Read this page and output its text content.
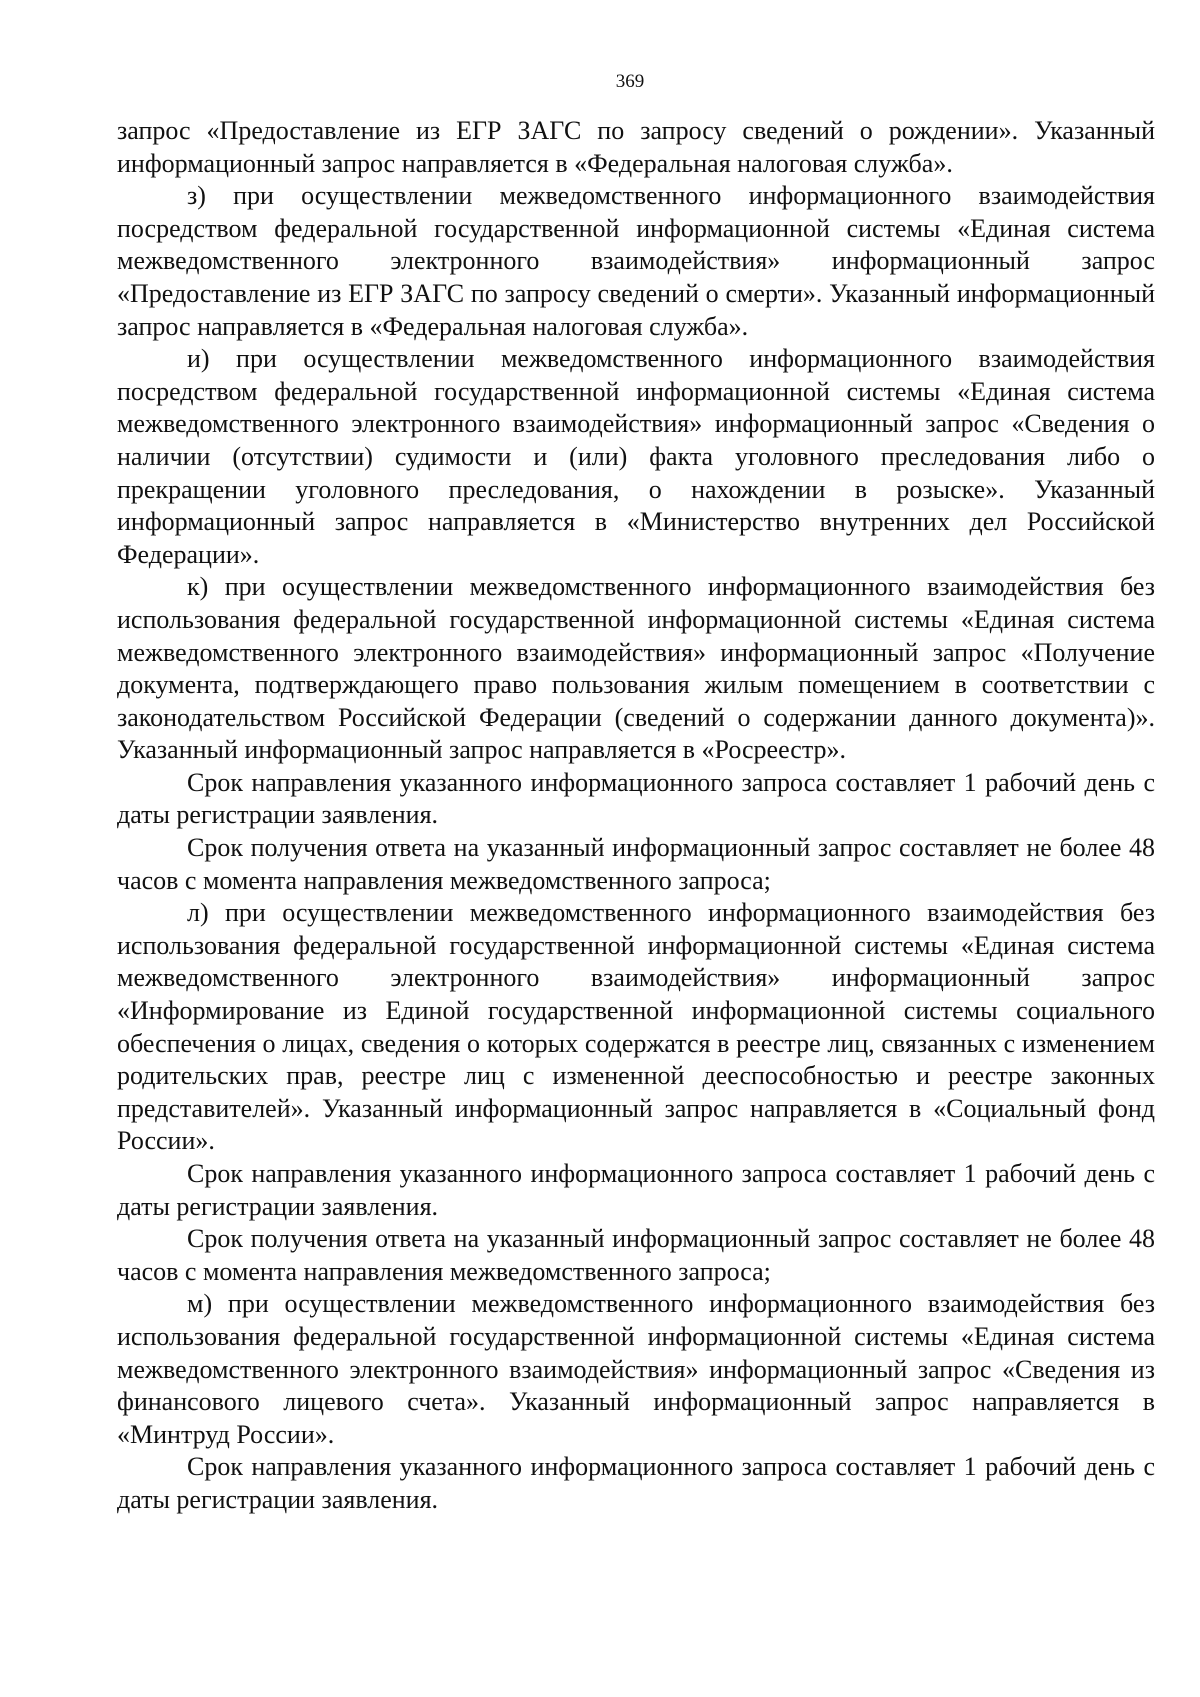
369

запрос «Предоставление из ЕГР ЗАГС по запросу сведений о рождении». Указанный информационный запрос направляется в «Федеральная налоговая служба».

з) при осуществлении межведомственного информационного взаимодействия посредством федеральной государственной информационной системы «Единая система межведомственного электронного взаимодействия» информационный запрос «Предоставление из ЕГР ЗАГС по запросу сведений о смерти». Указанный информационный запрос направляется в «Федеральная налоговая служба».

и) при осуществлении межведомственного информационного взаимодействия посредством федеральной государственной информационной системы «Единая система межведомственного электронного взаимодействия» информационный запрос «Сведения о наличии (отсутствии) судимости и (или) факта уголовного преследования либо о прекращении уголовного преследования, о нахождении в розыске». Указанный информационный запрос направляется в «Министерство внутренних дел Российской Федерации».

к) при осуществлении межведомственного информационного взаимодействия без использования федеральной государственной информационной системы «Единая система межведомственного электронного взаимодействия» информационный запрос «Получение документа, подтверждающего право пользования жилым помещением в соответствии с законодательством Российской Федерации (сведений о содержании данного документа)». Указанный информационный запрос направляется в «Росреестр».

Срок направления указанного информационного запроса составляет 1 рабочий день с даты регистрации заявления.

Срок получения ответа на указанный информационный запрос составляет не более 48 часов с момента направления межведомственного запроса;

л) при осуществлении межведомственного информационного взаимодействия без использования федеральной государственной информационной системы «Единая система межведомственного электронного взаимодействия» информационный запрос «Информирование из Единой государственной информационной системы социального обеспечения о лицах, сведения о которых содержатся в реестре лиц, связанных с изменением родительских прав, реестре лиц с измененной дееспособностью и реестре законных представителей». Указанный информационный запрос направляется в «Социальный фонд России».

Срок направления указанного информационного запроса составляет 1 рабочий день с даты регистрации заявления.

Срок получения ответа на указанный информационный запрос составляет не более 48 часов с момента направления межведомственного запроса;

м) при осуществлении межведомственного информационного взаимодействия без использования федеральной государственной информационной системы «Единая система межведомственного электронного взаимодействия» информационный запрос «Сведения из финансового лицевого счета». Указанный информационный запрос направляется в «Минтруд России».

Срок направления указанного информационного запроса составляет 1 рабочий день с даты регистрации заявления.
